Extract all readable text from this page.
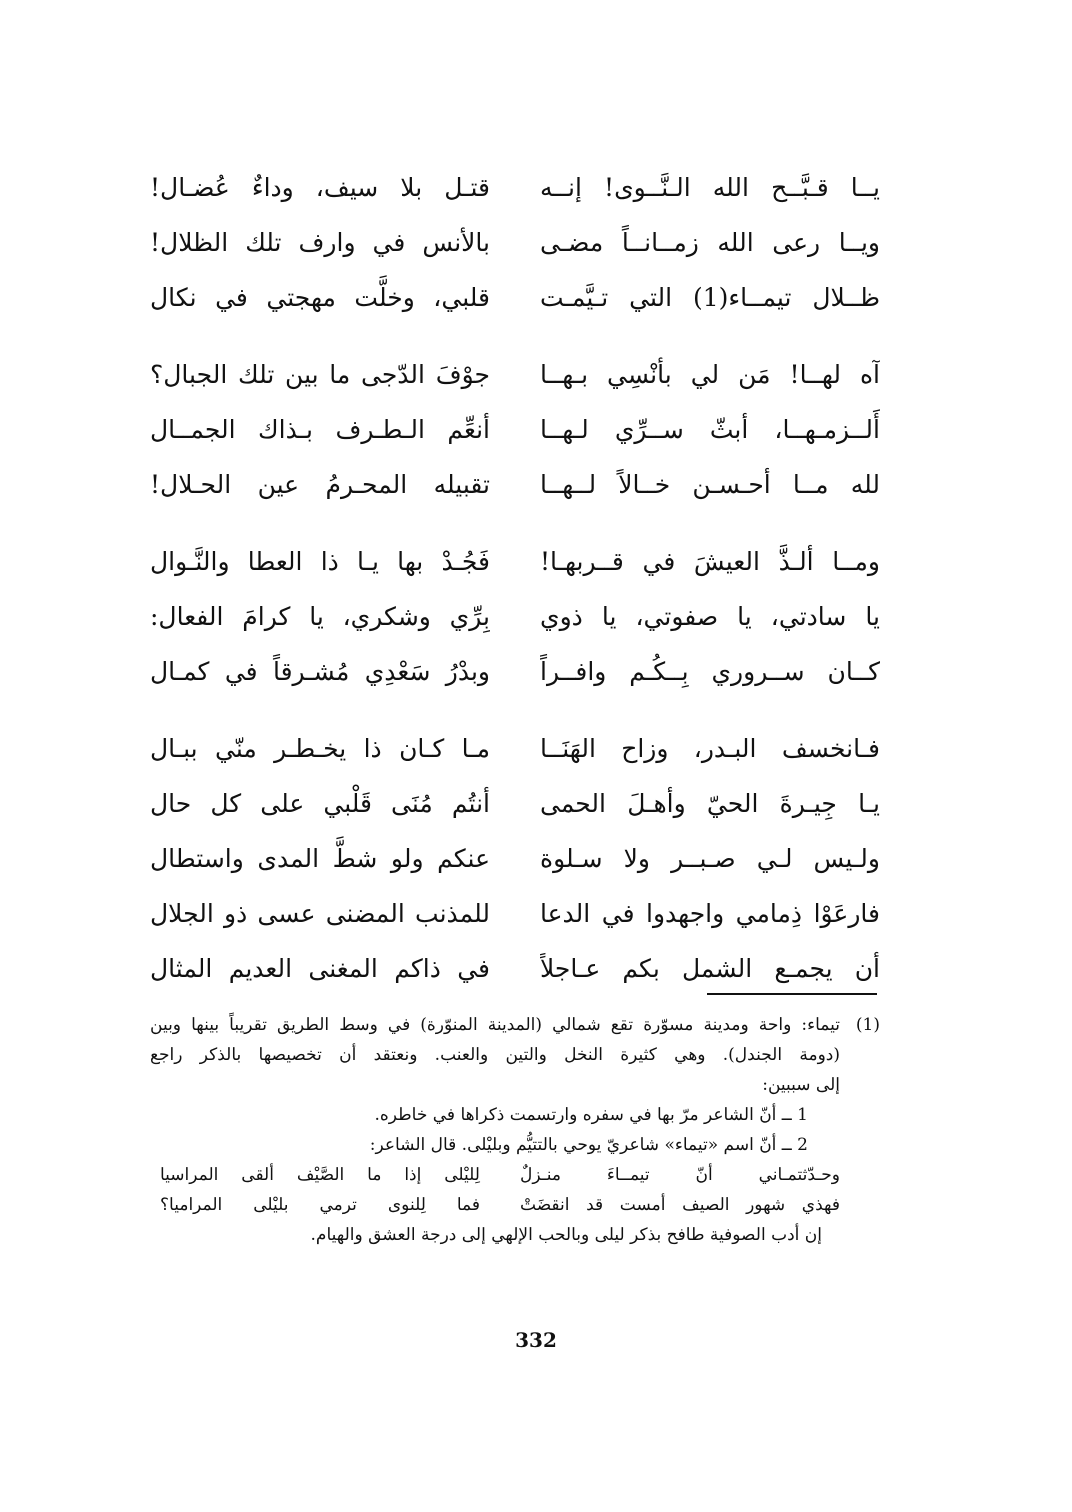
يــا قـبَّــح الله الـنَّــوى! إنــه
قتـل بلا سيف، وداءٌ عُضـال!
ويــا رعى الله زمــانــاً مضـى
بالأنس في وارف تلك الظلال!
ظــلال تيمــاء(1) التي تـيَّمـت
قلبي، وخلَّت مهجتي في نكال
آه لهــا! مَن لي بأنْسِي بـهــا
جوْفَ الدّجى ما بين تلك الجبال؟
أَلــزمـهــا، أبثّ ســرِّي لـهــا
أنعِّم الـطـرف بـذاك الجمــال
لله مــا أحـسـن خــالاً لــهــا
تقبيله المحـرمُ عين الحـلال!
ومــا ألـذَّ العيشَ في قــربهـا!
فَجُـدْ بها يـا ذا العطا والنَّـوال
يا سادتي، يا صفوتي، يا ذوي
بِرِّي وشكري، يا كرامَ الفعال:
كــان ســروري بِــكُـم وافــراً
وبدْرُ سَعْدِي مُشـرقاً في كمـال
فـانخسف البـدر، وزاح الهَنَــا
مـا كـان ذا يخـطـر منّي ببـال
يـا جِيـرةَ الحيّ وأهـلَ الحمى
أنتُم مُنَى قَلْبي على كل حال
ولـيس لـي صـبــر ولا سـلوة
عنكم ولو شطَّ المدى واستطال
فارعَوْا ذِمامي واجهدوا في الدعا
للمذنب المضنى عسى ذو الجلال
أن يجمـع الشمل بكم عـاجلاً
في ذاكم المغنى العديم المثال
(1)
تيماء: واحة ومدينة مسوّرة تقع شمالي (المدينة المنوّرة) في وسط الطريق تقريباً بينها وبين
(دومة الجندل). وهي كثيرة النخل والتين والعنب. ونعتقد أن تخصيصها بالذكر راجع
إلى سببين:
1 ــ أنّ الشاعر مرّ بها في سفره وارتسمت ذكراها في خاطره.
2 ــ أنّ اسم «تيماء» شاعريّ يوحي بالتتيُّم وبليْلى. قال الشاعر:
وحـدّثتمـاني أنّ تيمــاءَ منـزلٌ
لِليْلى إذا ما الصَّيْف ألقى المراسيا
فهذي شهور الصيف أمست قد انقضَتْ
فما لِلنوى ترمي بليْلى المراميا؟
إن أدب الصوفية طافح بذكر ليلى وبالحب الإلهي إلى درجة العشق والهيام.
332
